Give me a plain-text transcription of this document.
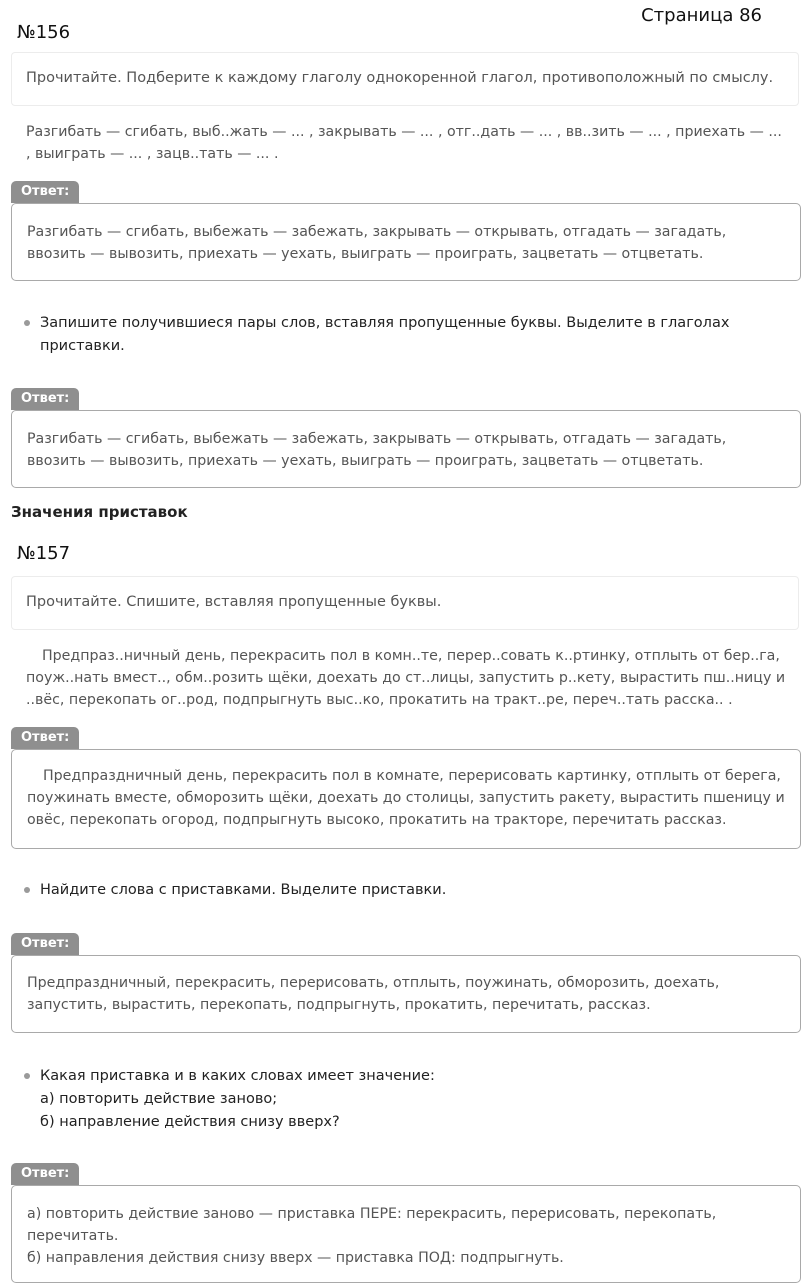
Страница 86
№156
Прочитайте. Подберите к каждому глаголу однокоренной глагол, противоположный по смыслу.
Разгибать — сгибать, выб..жать — ... , закрывать — ... , отг..дать — ... , вв..зить — ... , приехать — ... , выиграть — ... , зацв..тать — ... .
Ответ:
Разгибать — сгибать, выбежать — забежать, закрывать — открывать, отгадать — загадать, ввозить — вывозить, приехать — уехать, выиграть — проиграть, зацветать — отцветать.
Запишите получившиеся пары слов, вставляя пропущенные буквы. Выделите в глаголах приставки.
Ответ:
Разгибать — сгибать, выбежать — забежать, закрывать — открывать, отгадать — загадать, ввозить — вывозить, приехать — уехать, выиграть — проиграть, зацветать — отцветать.
Значения приставок
№157
Прочитайте. Спишите, вставляя пропущенные буквы.
Предпраз..ничный день, перекрасить пол в комн..те, перер..совать к..ртинку, отплыть от бер..га, поуж..нать вмест.., обм..розить щёки, доехать до ст..лицы, запустить р..кету, вырастить пш..ницу и ..вёс, перекопать ог..род, подпрыгнуть выс..ко, прокатить на тракт..ре, переч..тать расска.. .
Ответ:
Предпраздничный день, перекрасить пол в комнате, перерисовать картинку, отплыть от берега, поужинать вместе, обморозить щёки, доехать до столицы, запустить ракету, вырастить пшеницу и овёс, перекопать огород, подпрыгнуть высоко, прокатить на тракторе, перечитать рассказ.
Найдите слова с приставками. Выделите приставки.
Ответ:
Предпраздничный, перекрасить, перерисовать, отплыть, поужинать, обморозить, доехать, запустить, вырастить, перекопать, подпрыгнуть, прокатить, перечитать, рассказ.
Какая приставка и в каких словах имеет значение:
а) повторить действие заново;
б) направление действия снизу вверх?
Ответ:
а) повторить действие заново — приставка ПЕРЕ: перекрасить, перерисовать, перекопать, перечитать.
б) направления действия снизу вверх — приставка ПОД: подпрыгнуть.
